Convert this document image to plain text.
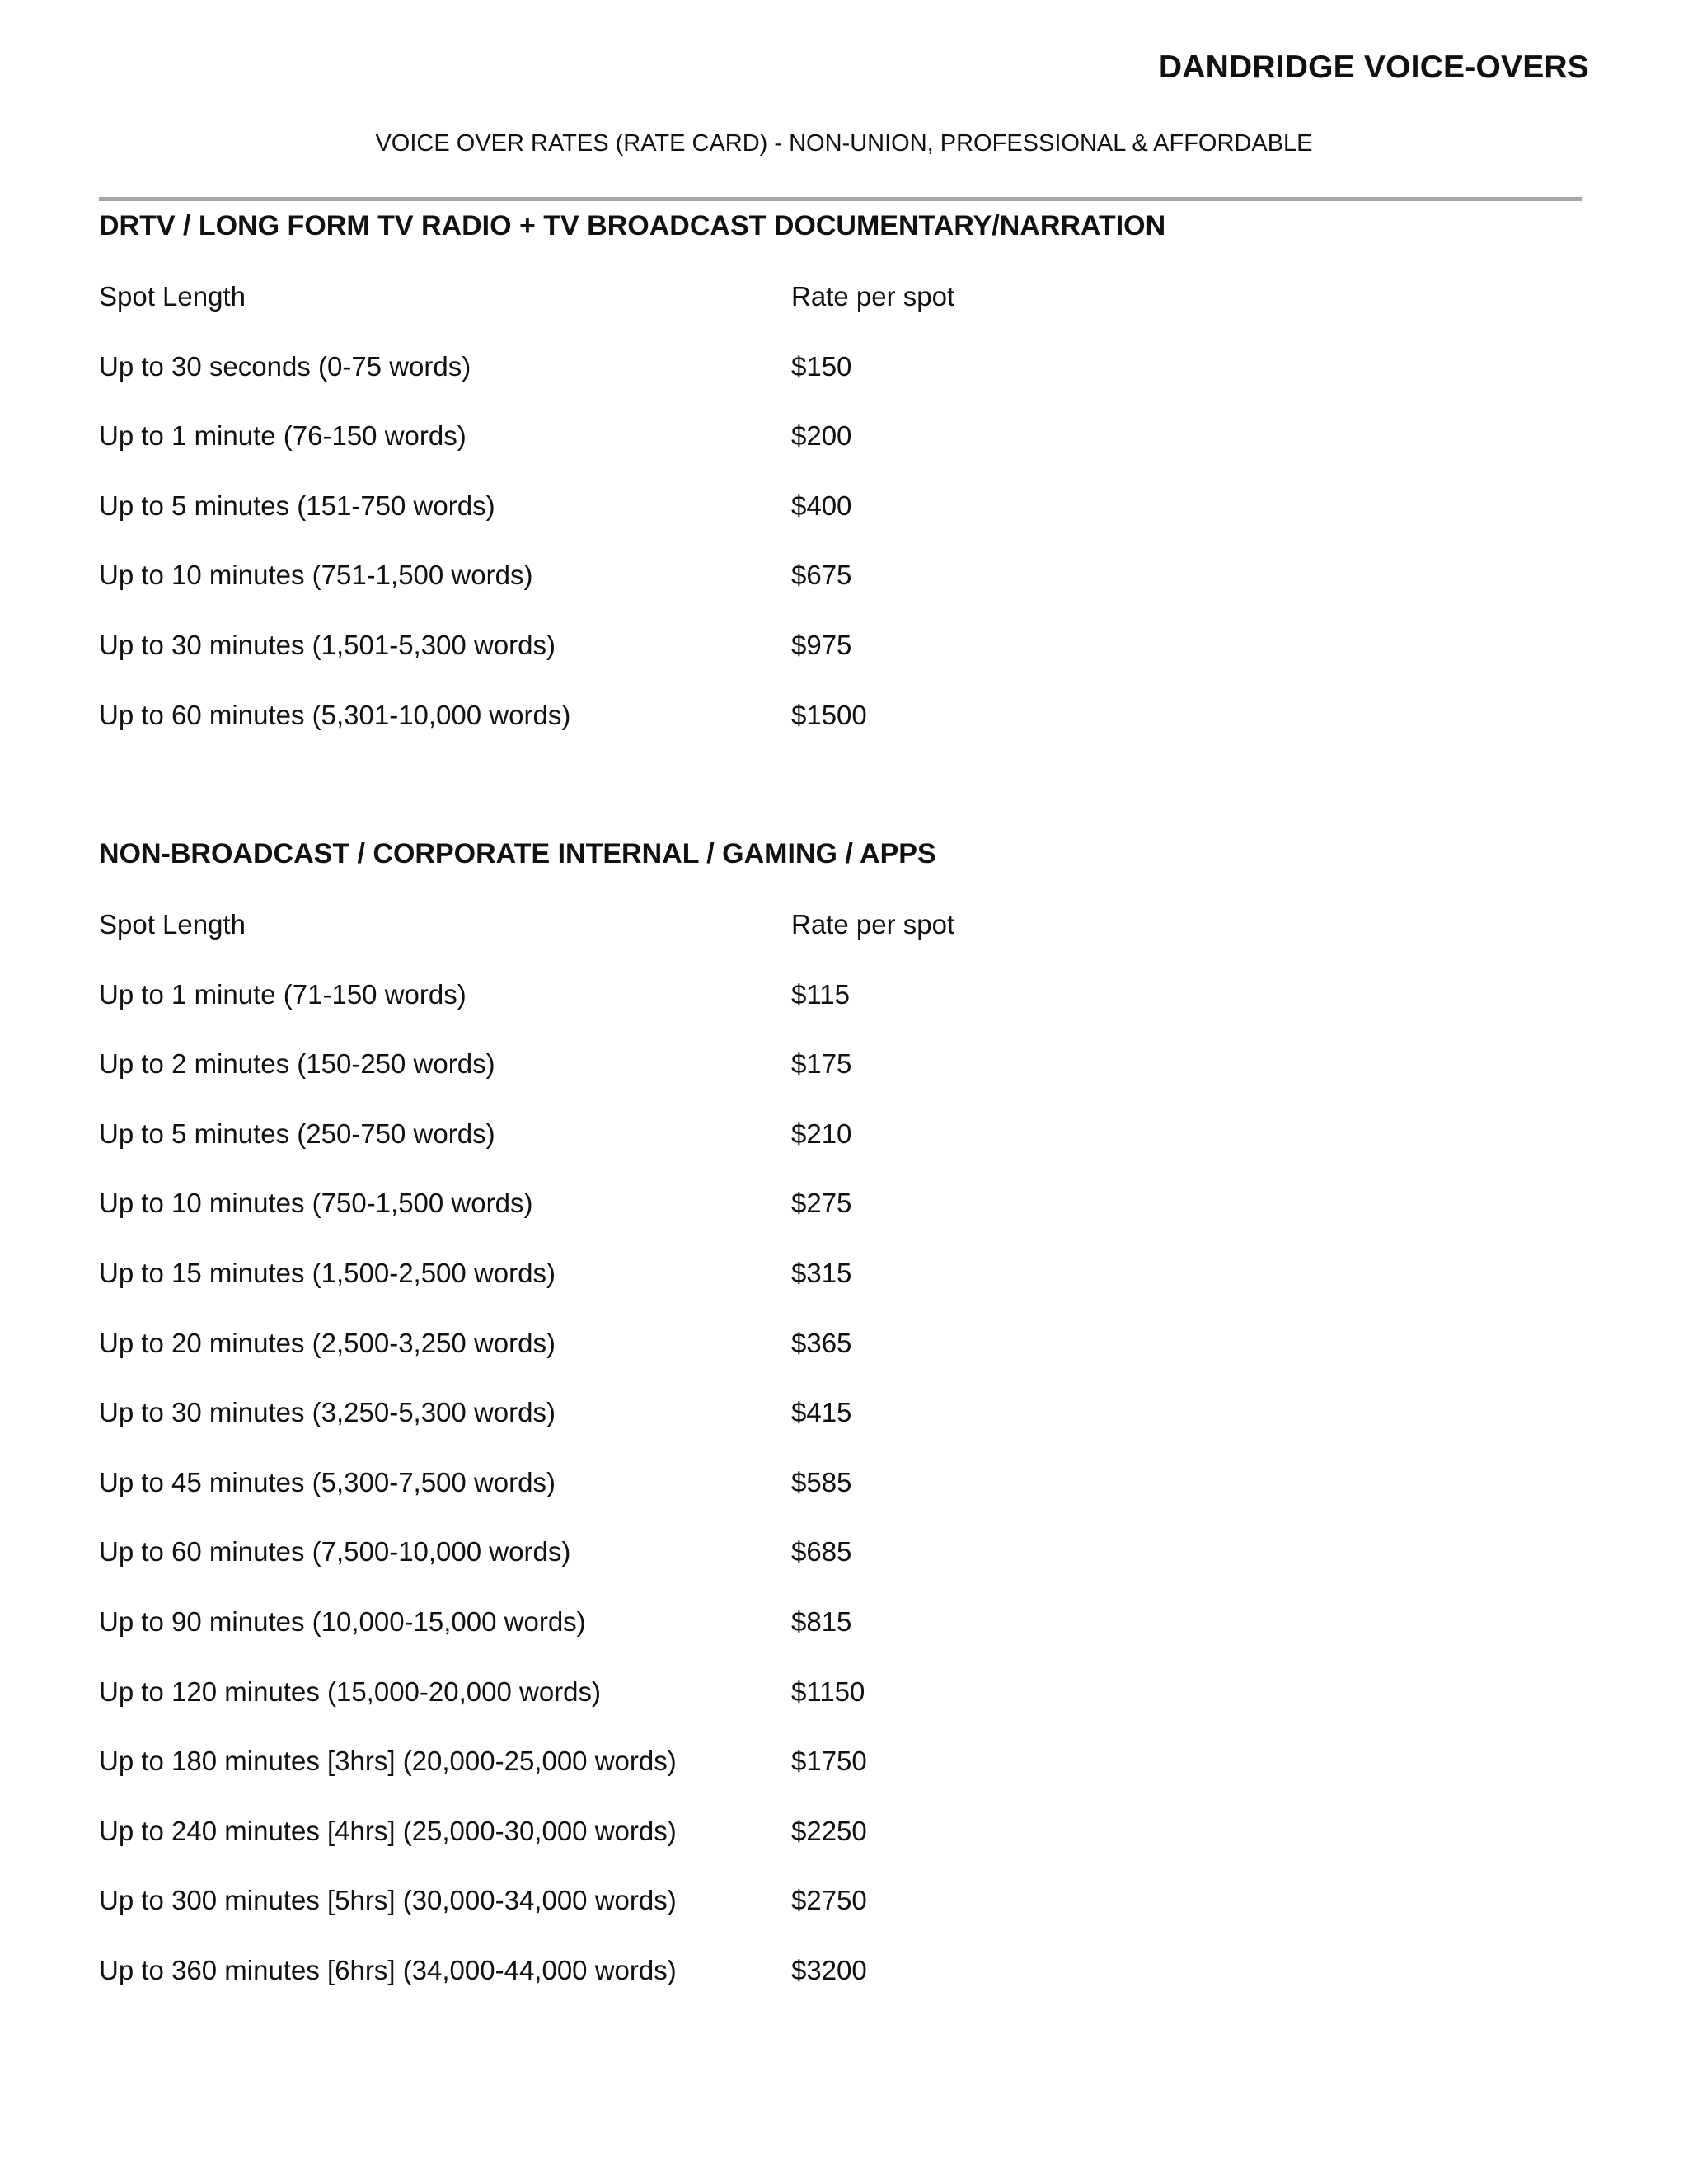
DANDRIDGE VOICE-OVERS
VOICE OVER RATES (RATE CARD) - NON-UNION, PROFESSIONAL & AFFORDABLE
DRTV / LONG FORM TV RADIO + TV BROADCAST DOCUMENTARY/NARRATION
Spot Length	Rate per spot
Up to 30 seconds (0-75 words)	$150
Up to 1 minute (76-150 words)	$200
Up to 5 minutes (151-750 words)	$400
Up to 10 minutes (751-1,500 words)	$675
Up to 30 minutes (1,501-5,300 words)	$975
Up to 60 minutes (5,301-10,000 words)	$1500
NON-BROADCAST / CORPORATE INTERNAL / GAMING / APPS
Spot Length	Rate per spot
Up to 1 minute (71-150 words)	$115
Up to 2 minutes (150-250 words)	$175
Up to 5 minutes (250-750 words)	$210
Up to 10 minutes (750-1,500 words)	$275
Up to 15 minutes (1,500-2,500 words)	$315
Up to 20 minutes (2,500-3,250 words)	$365
Up to 30 minutes (3,250-5,300 words)	$415
Up to 45 minutes (5,300-7,500 words)	$585
Up to 60 minutes (7,500-10,000 words)	$685
Up to 90 minutes (10,000-15,000 words)	$815
Up to 120 minutes (15,000-20,000 words)	$1150
Up to 180 minutes [3hrs] (20,000-25,000 words)	$1750
Up to 240 minutes [4hrs] (25,000-30,000 words)	$2250
Up to 300 minutes [5hrs] (30,000-34,000 words)	$2750
Up to 360 minutes [6hrs] (34,000-44,000 words)	$3200
